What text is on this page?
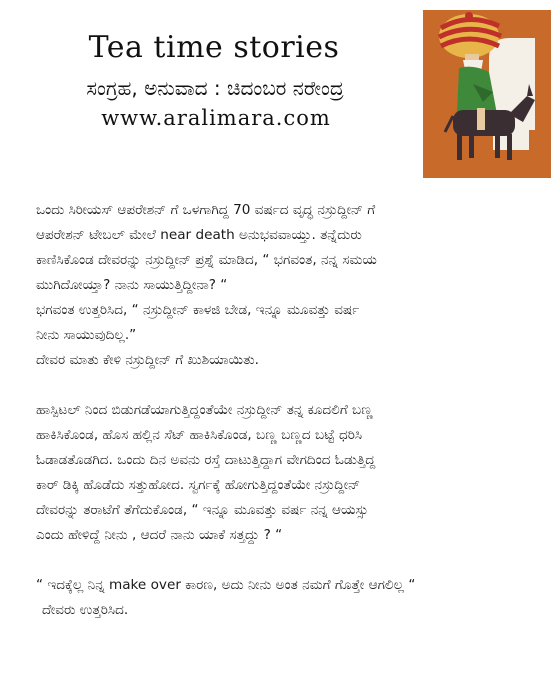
Tea time stories
ಸಂಗ್ರಹ, ಅನುವಾದ : ಚಿದಂಬರ ನರೇಂದ್ರ
www.aralimara.com

ಒಂದು ಸಿರೀಯಸ್ ಆಪರೇಶನ್ ಗೆ ಒಳಗಾಗಿದ್ದ 70 ವರ್ಷದ ವೃದ್ಧ ನಸ್ರುದ್ದೀನ್ ಗೆ
ಆಪರೇಶನ್ ಟೇಬಲ್ ಮೇಲೆ near death ಅನುಭವವಾಯ್ತು. ತನ್ನೆದುರು
ಕಾಣಿಸಿಕೊಂಡ ದೇವರನ್ನು ನಸ್ರುದ್ದೀನ್ ಪ್ರಶ್ನೆ ಮಾಡಿದ, “ ಭಗವಂತ, ನನ್ನ ಸಮಯ
ಮುಗಿದೋಯ್ತಾ? ನಾನು ಸಾಯುತ್ತಿದ್ದೀನಾ? “

ಭಗವಂತ ಉತ್ತರಿಸಿದ, “ ನಸ್ರುದ್ದೀನ್ ಕಾಳಜಿ ಬೇಡ, ಇನ್ನೂ ಮೂವತ್ತು ವರ್ಷ
ನೀನು ಸಾಯುವುದಿಲ್ಲ.”

ದೇವರ ಮಾತು ಕೇಳಿ ನಸ್ರುದ್ದೀನ್ ಗೆ ಖುಶಿಯಾಯಿತು.

ಹಾಸ್ಪಿಟಲ್ ನಿಂದ ಬಿಡುಗಡೆಯಾಗುತ್ತಿದ್ದಂತೆಯೇ ನಸ್ರುದ್ದೀನ್ ತನ್ನ ಕೂದಲಿಗೆ ಬಣ್ಣ
ಹಾಕಿಸಿಕೊಂಡ, ಹೊಸ ಹಲ್ಲಿನ ಸೆಟ್ ಹಾಕಿಸಿಕೊಂಡ, ಬಣ್ಣ ಬಣ್ಣದ ಬಟ್ಟೆ ಧರಿಸಿ
ಓಡಾಡತೊಡಗಿದ. ಒಂದು ದಿನ ಅವನು ರಸ್ತೆ ದಾಟುತ್ತಿದ್ದಾಗ ವೇಗದಿಂದ ಓಡುತ್ತಿದ್ದ
ಕಾರ್ ಡಿಕ್ಕಿ ಹೊಡೆದು ಸತ್ತುಹೋದ. ಸ್ವರ್ಗಕ್ಕೆ ಹೋಗುತ್ತಿದ್ದಂತೆಯೇ ನಸ್ರುದ್ದೀನ್
ದೇವರನ್ನು ತರಾಟೆಗೆ ತೆಗೆದುಕೊಂಡ, “ ಇನ್ನೂ ಮೂವತ್ತು ವರ್ಷ ನನ್ನ ಆಯಸ್ಸು
ಎಂದು ಹೇಳಿದ್ದೆ ನೀನು , ಆದರೆ ನಾನು ಯಾಕೆ ಸತ್ತದ್ದು ? “

“ ಇದಕ್ಕೆಲ್ಲ ನಿನ್ನ make over ಕಾರಣ, ಅದು ನೀನು ಅಂತ ನಮಗೆ ಗೊತ್ತೇ ಆಗಲಿಲ್ಲ “

ದೇವರು ಉತ್ತರಿಸಿದ.
